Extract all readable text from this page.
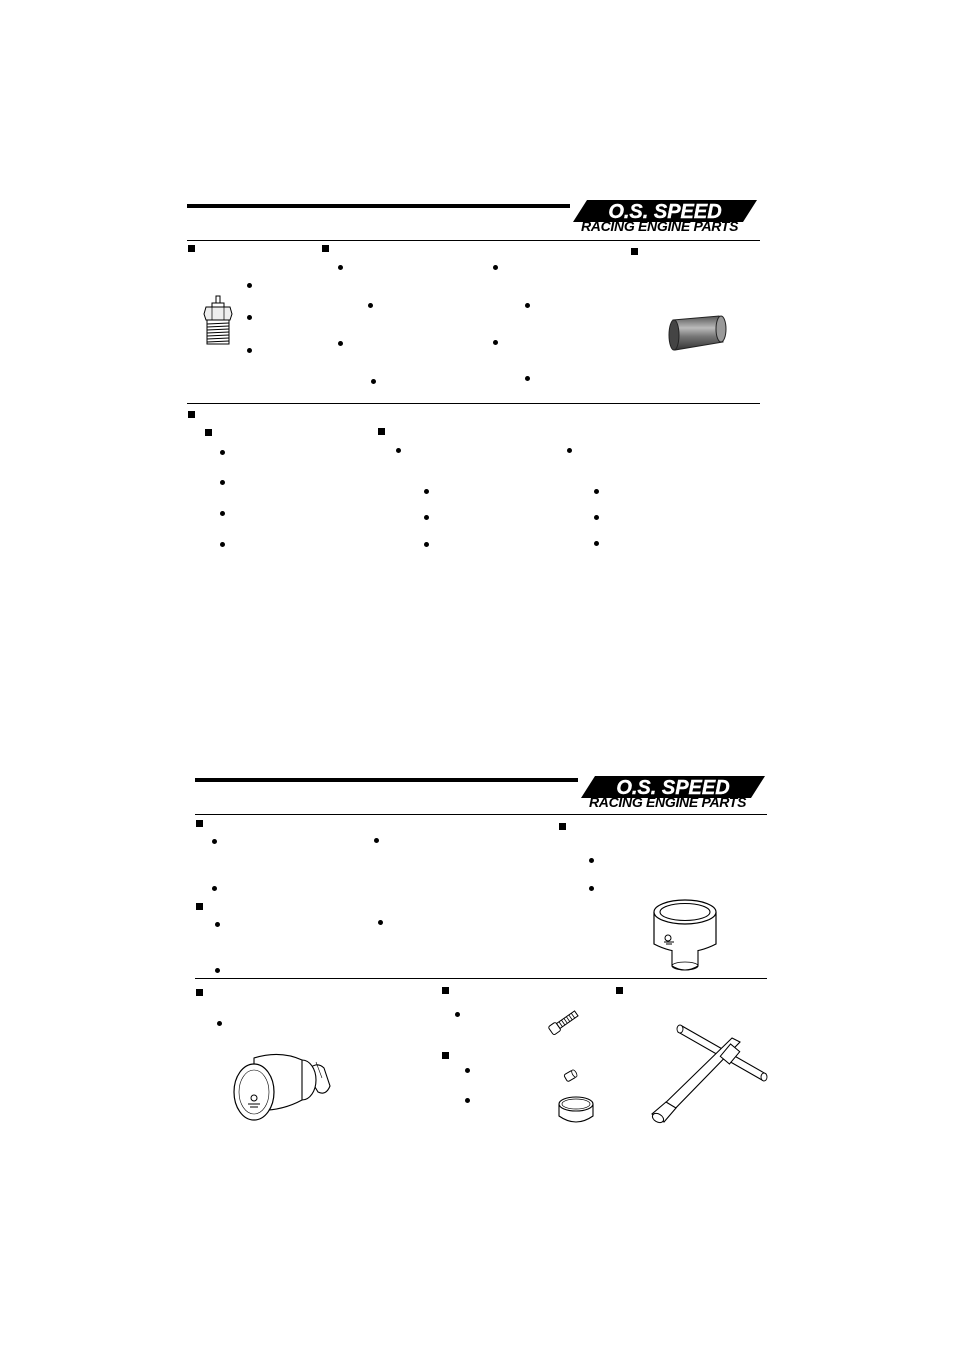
O.S. SPEED
RACING ENGINE PARTS
O.S. SPEED
RACING ENGINE PARTS
